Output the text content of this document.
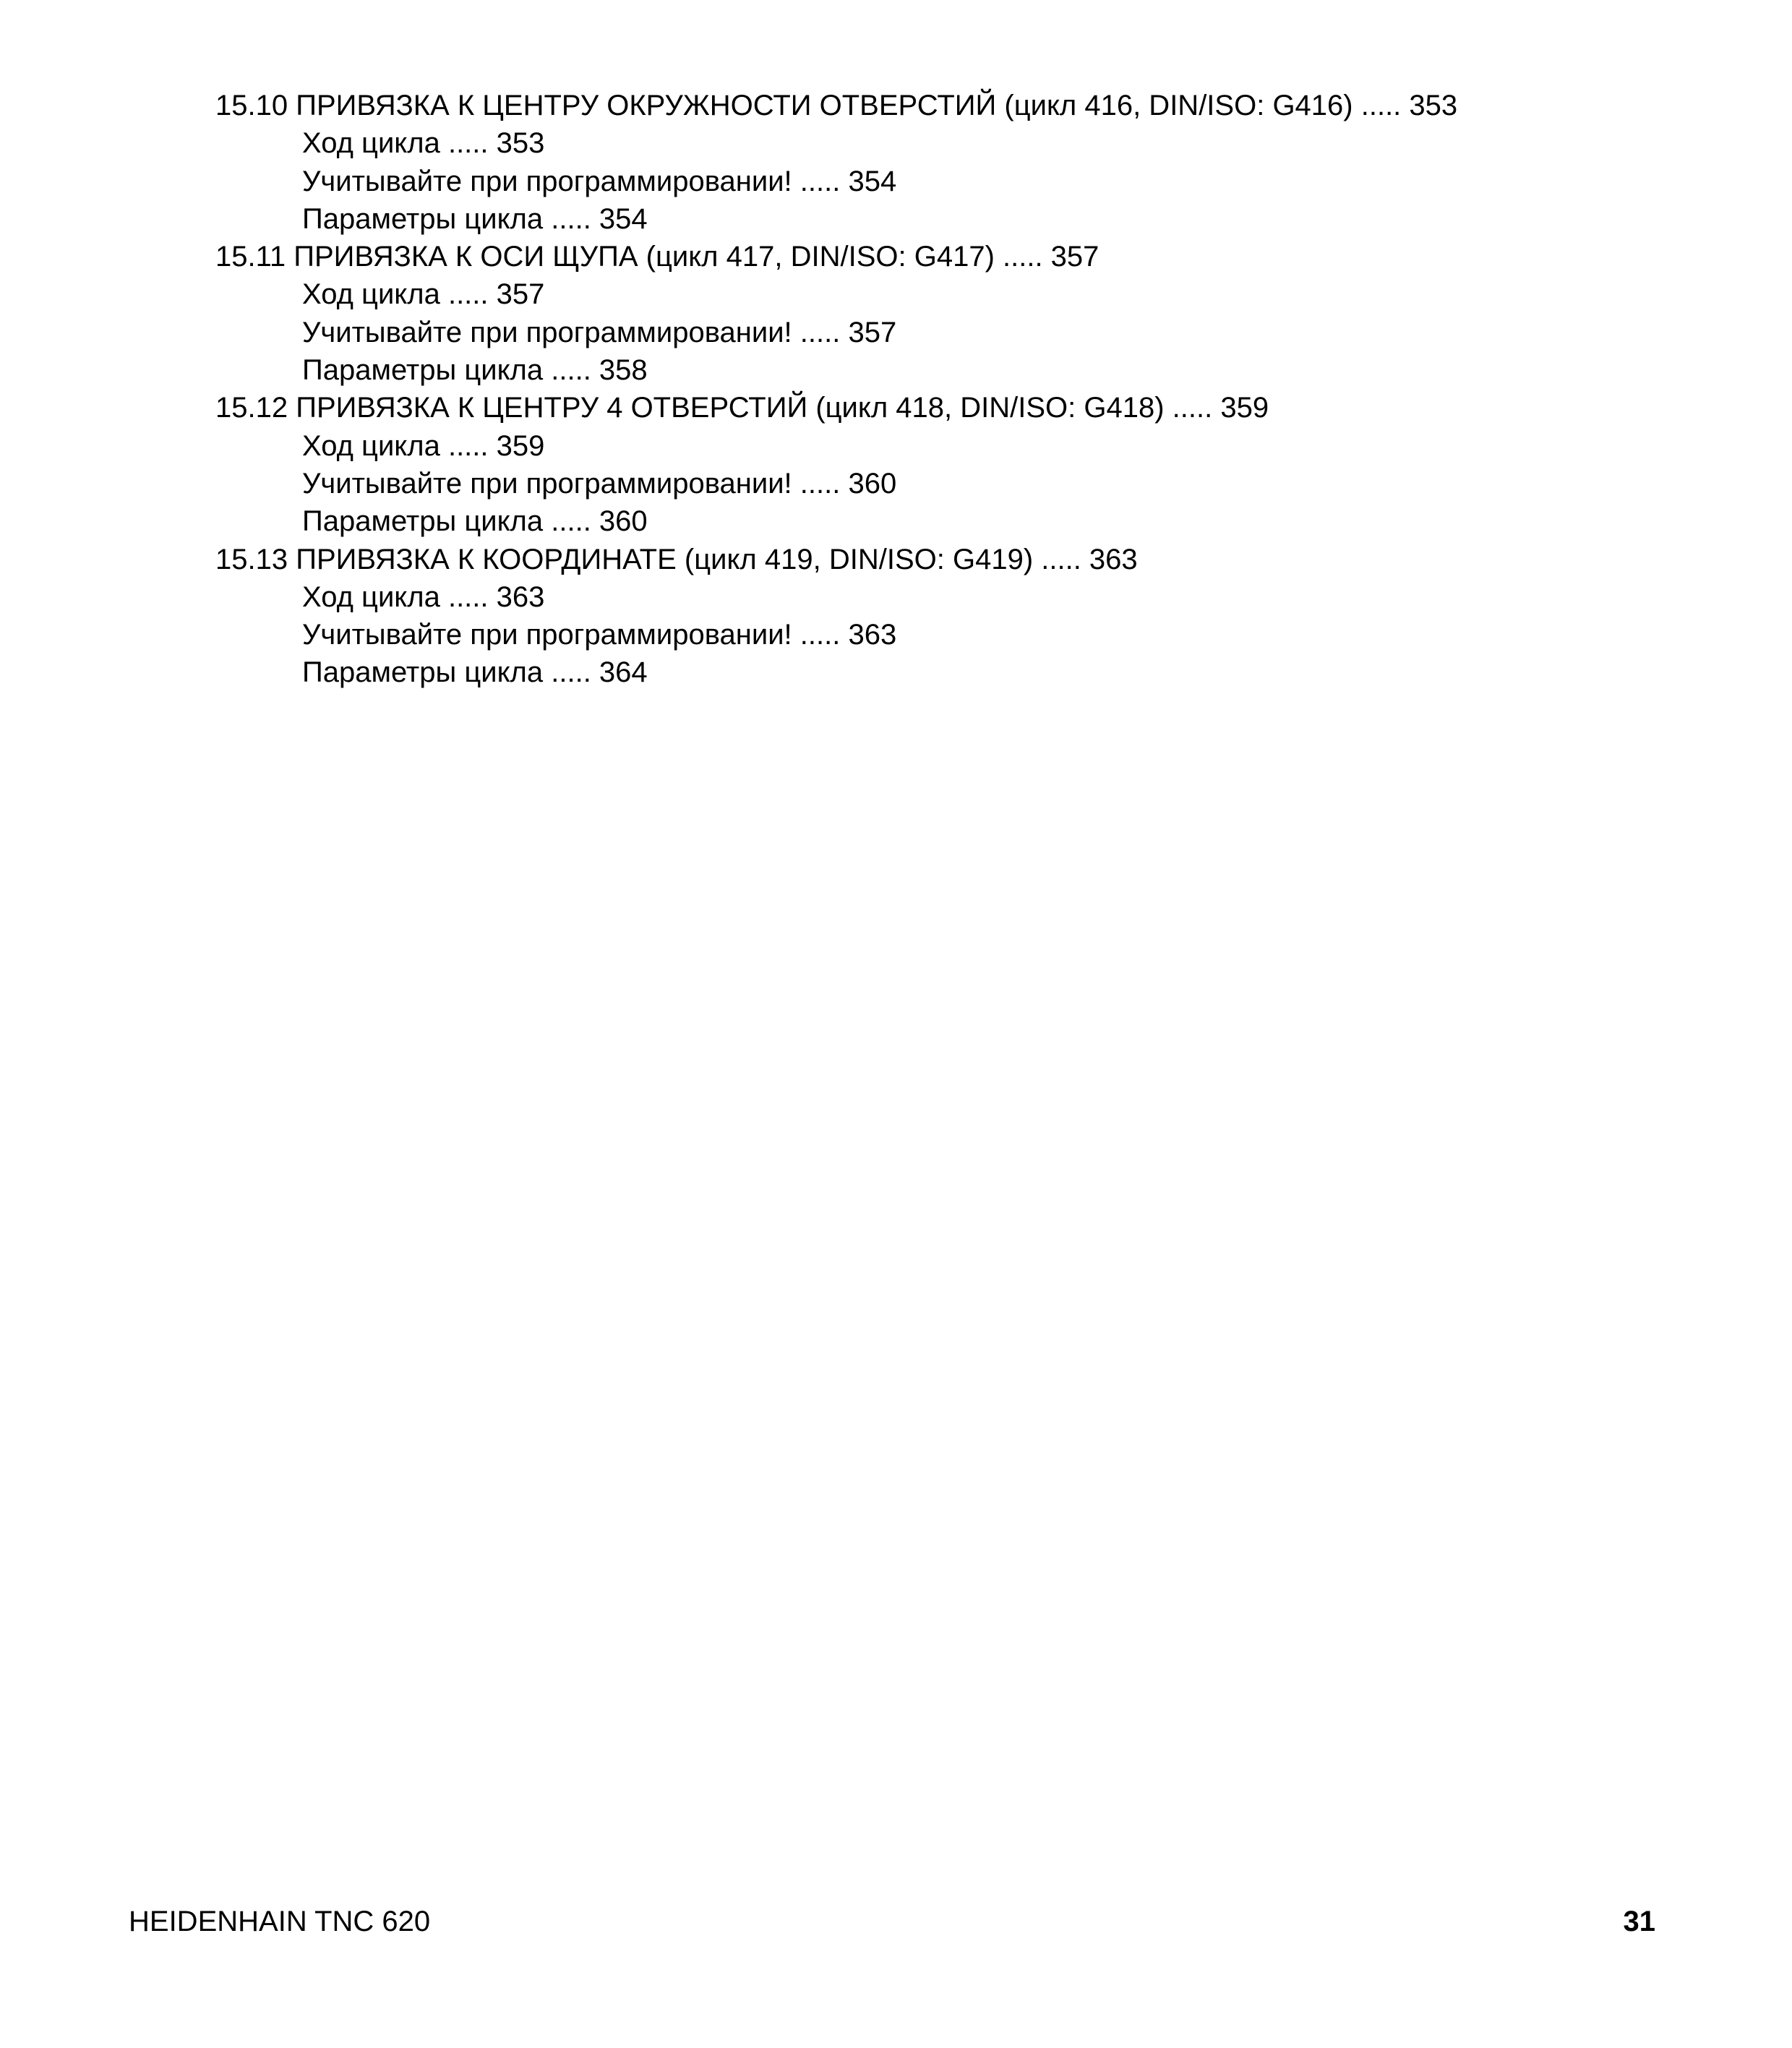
15.10 ПРИВЯЗКА К ЦЕНТРУ ОКРУЖНОСТИ ОТВЕРСТИЙ (цикл 416, DIN/ISO: G416) ..... 353
Ход цикла ..... 353
Учитывайте при программировании! ..... 354
Параметры цикла ..... 354
15.11 ПРИВЯЗКА К ОСИ ЩУПА (цикл 417, DIN/ISO: G417) ..... 357
Ход цикла ..... 357
Учитывайте при программировании! ..... 357
Параметры цикла ..... 358
15.12 ПРИВЯЗКА К ЦЕНТРУ 4 ОТВЕРСТИЙ (цикл 418, DIN/ISO: G418) ..... 359
Ход цикла ..... 359
Учитывайте при программировании! ..... 360
Параметры цикла ..... 360
15.13 ПРИВЯЗКА К КООРДИНАТЕ (цикл 419, DIN/ISO: G419) ..... 363
Ход цикла ..... 363
Учитывайте при программировании! ..... 363
Параметры цикла ..... 364
HEIDENHAIN TNC 620	31
